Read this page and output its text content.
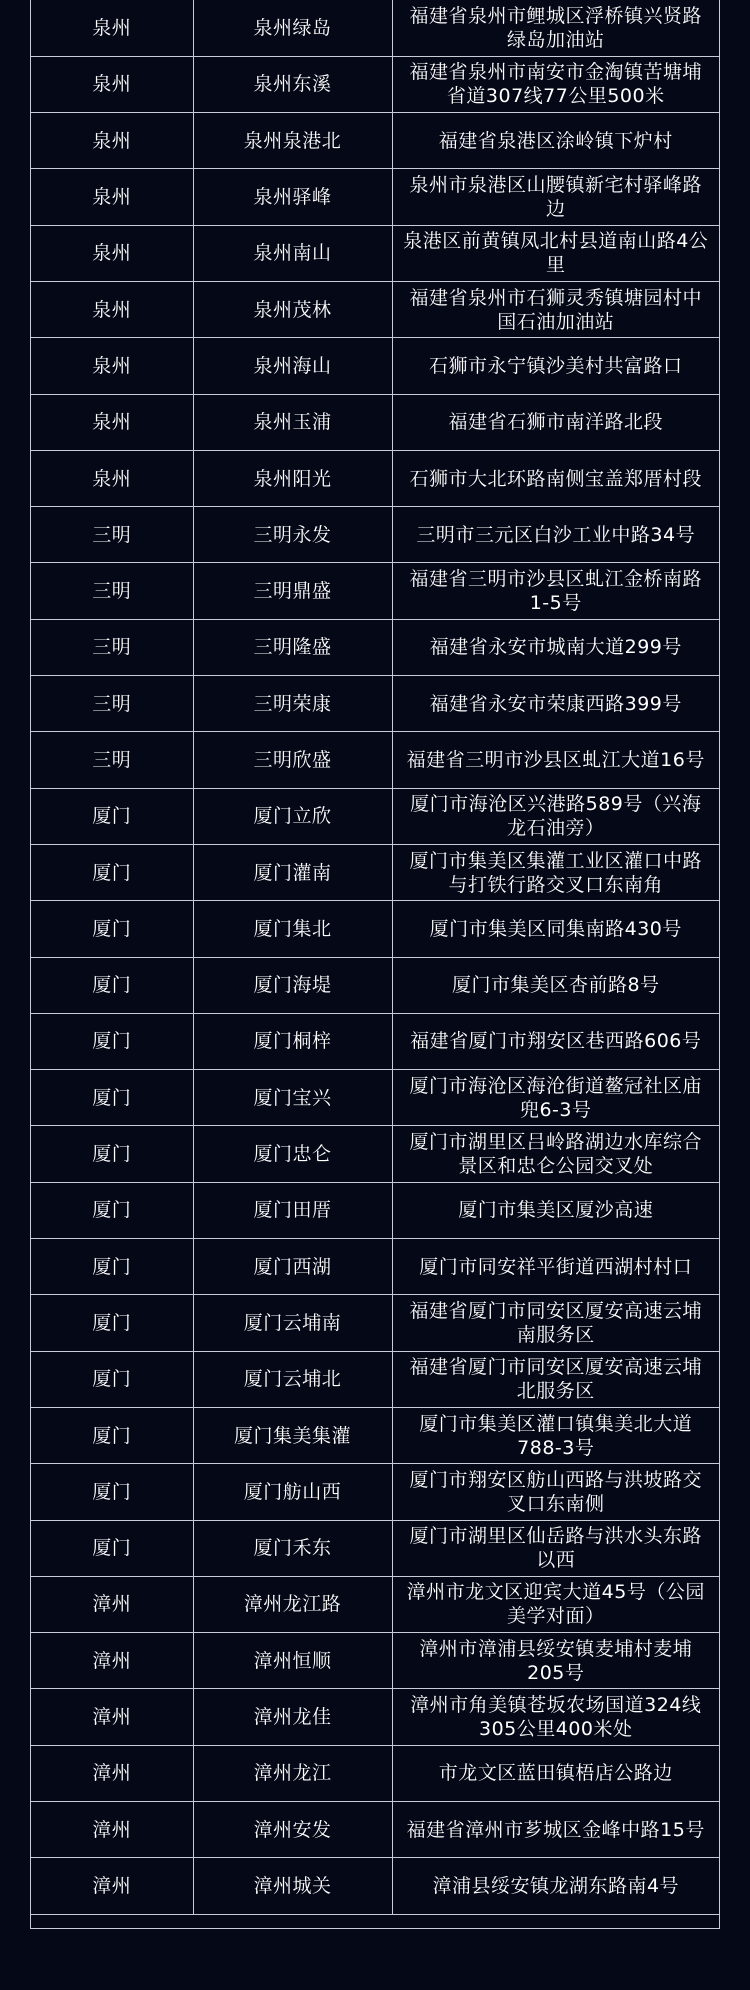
泉州	泉州绿岛	福建省泉州市鲤城区浮桥镇兴贤路绿岛加油站
泉州	泉州东溪	福建省泉州市南安市金淘镇苦塘埔省道307线77公里500米
泉州	泉州泉港北	福建省泉港区涂岭镇下炉村
泉州	泉州驿峰	泉州市泉港区山腰镇新宅村驿峰路边
泉州	泉州南山	泉港区前黄镇凤北村县道南山路4公里
泉州	泉州茂林	福建省泉州市石狮灵秀镇塘园村中国石油加油站
泉州	泉州海山	石狮市永宁镇沙美村共富路口
泉州	泉州玉浦	福建省石狮市南洋路北段
泉州	泉州阳光	石狮市大北环路南侧宝盖郑厝村段
三明	三明永发	三明市三元区白沙工业中路34号
三明	三明鼎盛	福建省三明市沙县区虬江金桥南路1-5号
三明	三明隆盛	福建省永安市城南大道299号
三明	三明荣康	福建省永安市荣康西路399号
三明	三明欣盛	福建省三明市沙县区虬江大道16号
厦门	厦门立欣	厦门市海沧区兴港路589号（兴海龙石油旁）
厦门	厦门灌南	厦门市集美区集灌工业区灌口中路与打铁行路交叉口东南角
厦门	厦门集北	厦门市集美区同集南路430号
厦门	厦门海堤	厦门市集美区杏前路8号
厦门	厦门桐梓	福建省厦门市翔安区巷西路606号
厦门	厦门宝兴	厦门市海沧区海沧街道鳌冠社区庙兜6-3号
厦门	厦门忠仑	厦门市湖里区吕岭路湖边水库综合景区和忠仑公园交叉处
厦门	厦门田厝	厦门市集美区厦沙高速
厦门	厦门西湖	厦门市同安祥平街道西湖村村口
厦门	厦门云埔南	福建省厦门市同安区厦安高速云埔南服务区
厦门	厦门云埔北	福建省厦门市同安区厦安高速云埔北服务区
厦门	厦门集美集灌	厦门市集美区灌口镇集美北大道788-3号
厦门	厦门舫山西	厦门市翔安区舫山西路与洪坡路交叉口东南侧
厦门	厦门禾东	厦门市湖里区仙岳路与洪水头东路以西
漳州	漳州龙江路	漳州市龙文区迎宾大道45号（公园美学对面）
漳州	漳州恒顺	漳州市漳浦县绥安镇麦埔村麦埔205号
漳州	漳州龙佳	漳州市角美镇苍坂农场国道324线305公里400米处
漳州	漳州龙江	市龙文区蓝田镇梧店公路边
漳州	漳州安发	福建省漳州市芗城区金峰中路15号
漳州	漳州城关	漳浦县绥安镇龙湖东路南4号
